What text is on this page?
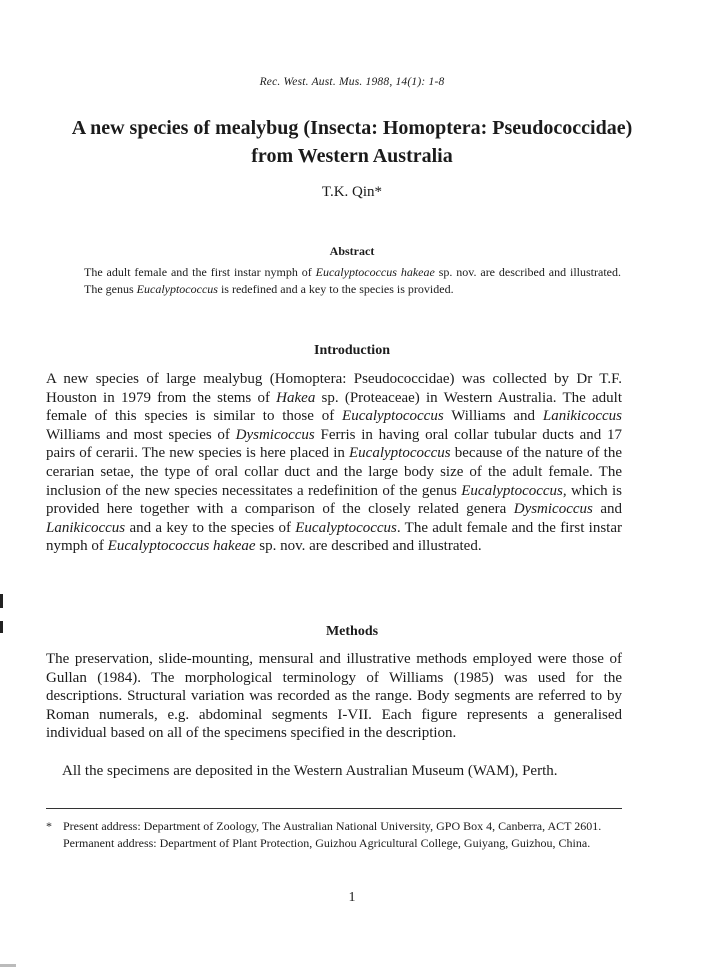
Rec. West. Aust. Mus. 1988, 14(1): 1-8
A new species of mealybug (Insecta: Homoptera: Pseudococcidae) from Western Australia
T.K. Qin*
Abstract
The adult female and the first instar nymph of Eucalyptococcus hakeae sp. nov. are described and illustrated. The genus Eucalyptococcus is redefined and a key to the species is provided.
Introduction
A new species of large mealybug (Homoptera: Pseudococcidae) was collected by Dr T.F. Houston in 1979 from the stems of Hakea sp. (Proteaceae) in Western Australia. The adult female of this species is similar to those of Eucalyptococcus Williams and Lanikicoccus Williams and most species of Dysmicoccus Ferris in having oral collar tubular ducts and 17 pairs of cerarii. The new species is here placed in Eucalyptococcus because of the nature of the cerarian setae, the type of oral collar duct and the large body size of the adult female. The inclusion of the new species necessitates a redefinition of the genus Eucalyptococcus, which is provided here together with a comparison of the closely related genera Dysmicoccus and Lanikicoccus and a key to the species of Eucalyptococcus. The adult female and the first instar nymph of Eucalyptococcus hakeae sp. nov. are described and illustrated.
Methods
The preservation, slide-mounting, mensural and illustrative methods employed were those of Gullan (1984). The morphological terminology of Williams (1985) was used for the descriptions. Structural variation was recorded as the range. Body segments are referred to by Roman numerals, e.g. abdominal segments I-VII. Each figure represents a generalised individual based on all of the specimens specified in the description.
All the specimens are deposited in the Western Australian Museum (WAM), Perth.
* Present address: Department of Zoology, The Australian National University, GPO Box 4, Canberra, ACT 2601.
Permanent address: Department of Plant Protection, Guizhou Agricultural College, Guiyang, Guizhou, China.
1
